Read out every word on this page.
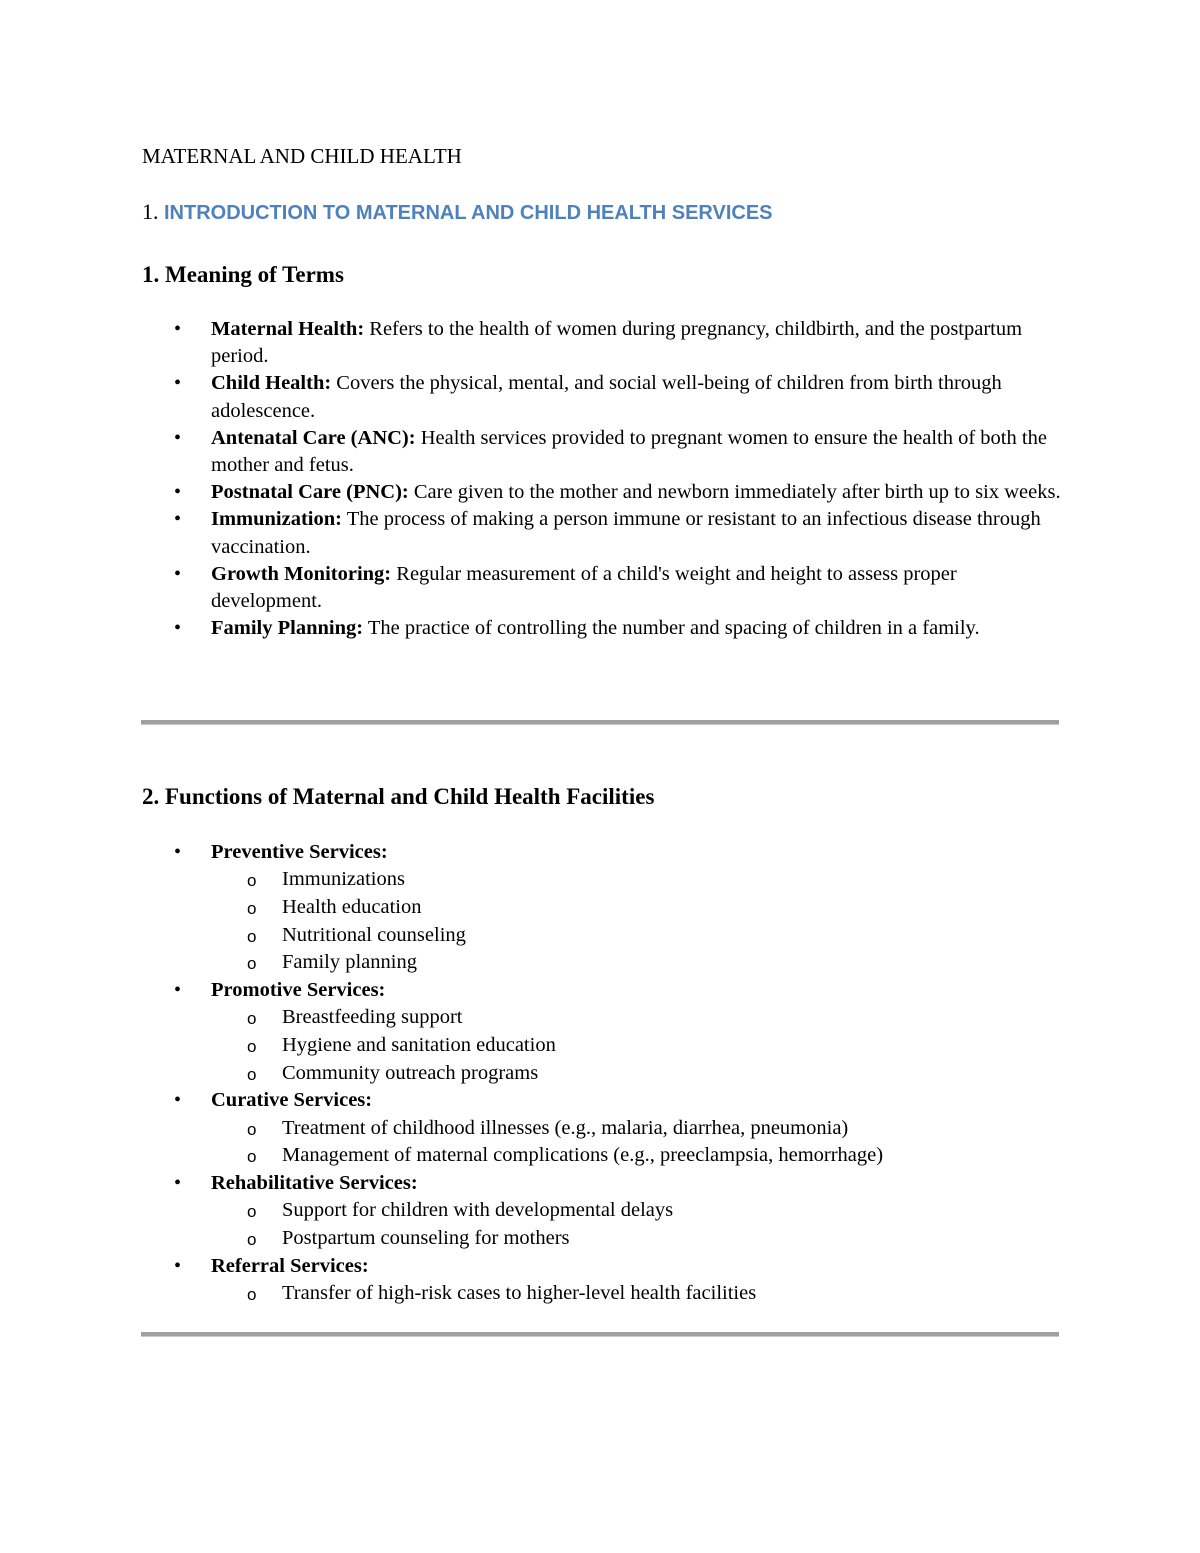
MATERNAL AND CHILD HEALTH
1. INTRODUCTION TO MATERNAL AND CHILD HEALTH SERVICES
1. Meaning of Terms
•	Maternal Health: Refers to the health of women during pregnancy, childbirth, and the postpartum period.
•	Child Health: Covers the physical, mental, and social well-being of children from birth through adolescence.
•	Antenatal Care (ANC): Health services provided to pregnant women to ensure the health of both the mother and fetus.
•	Postnatal Care (PNC): Care given to the mother and newborn immediately after birth up to six weeks.
•	Immunization: The process of making a person immune or resistant to an infectious disease through vaccination.
•	Growth Monitoring: Regular measurement of a child's weight and height to assess proper development.
•	Family Planning: The practice of controlling the number and spacing of children in a family.
2. Functions of Maternal and Child Health Facilities
•	Preventive Services:
o Immunizations
o Health education
o Nutritional counseling
o Family planning
•	Promotive Services:
o Breastfeeding support
o Hygiene and sanitation education
o Community outreach programs
•	Curative Services:
o Treatment of childhood illnesses (e.g., malaria, diarrhea, pneumonia)
o Management of maternal complications (e.g., preeclampsia, hemorrhage)
•	Rehabilitative Services:
o Support for children with developmental delays
o Postpartum counseling for mothers
•	Referral Services:
o Transfer of high-risk cases to higher-level health facilities
